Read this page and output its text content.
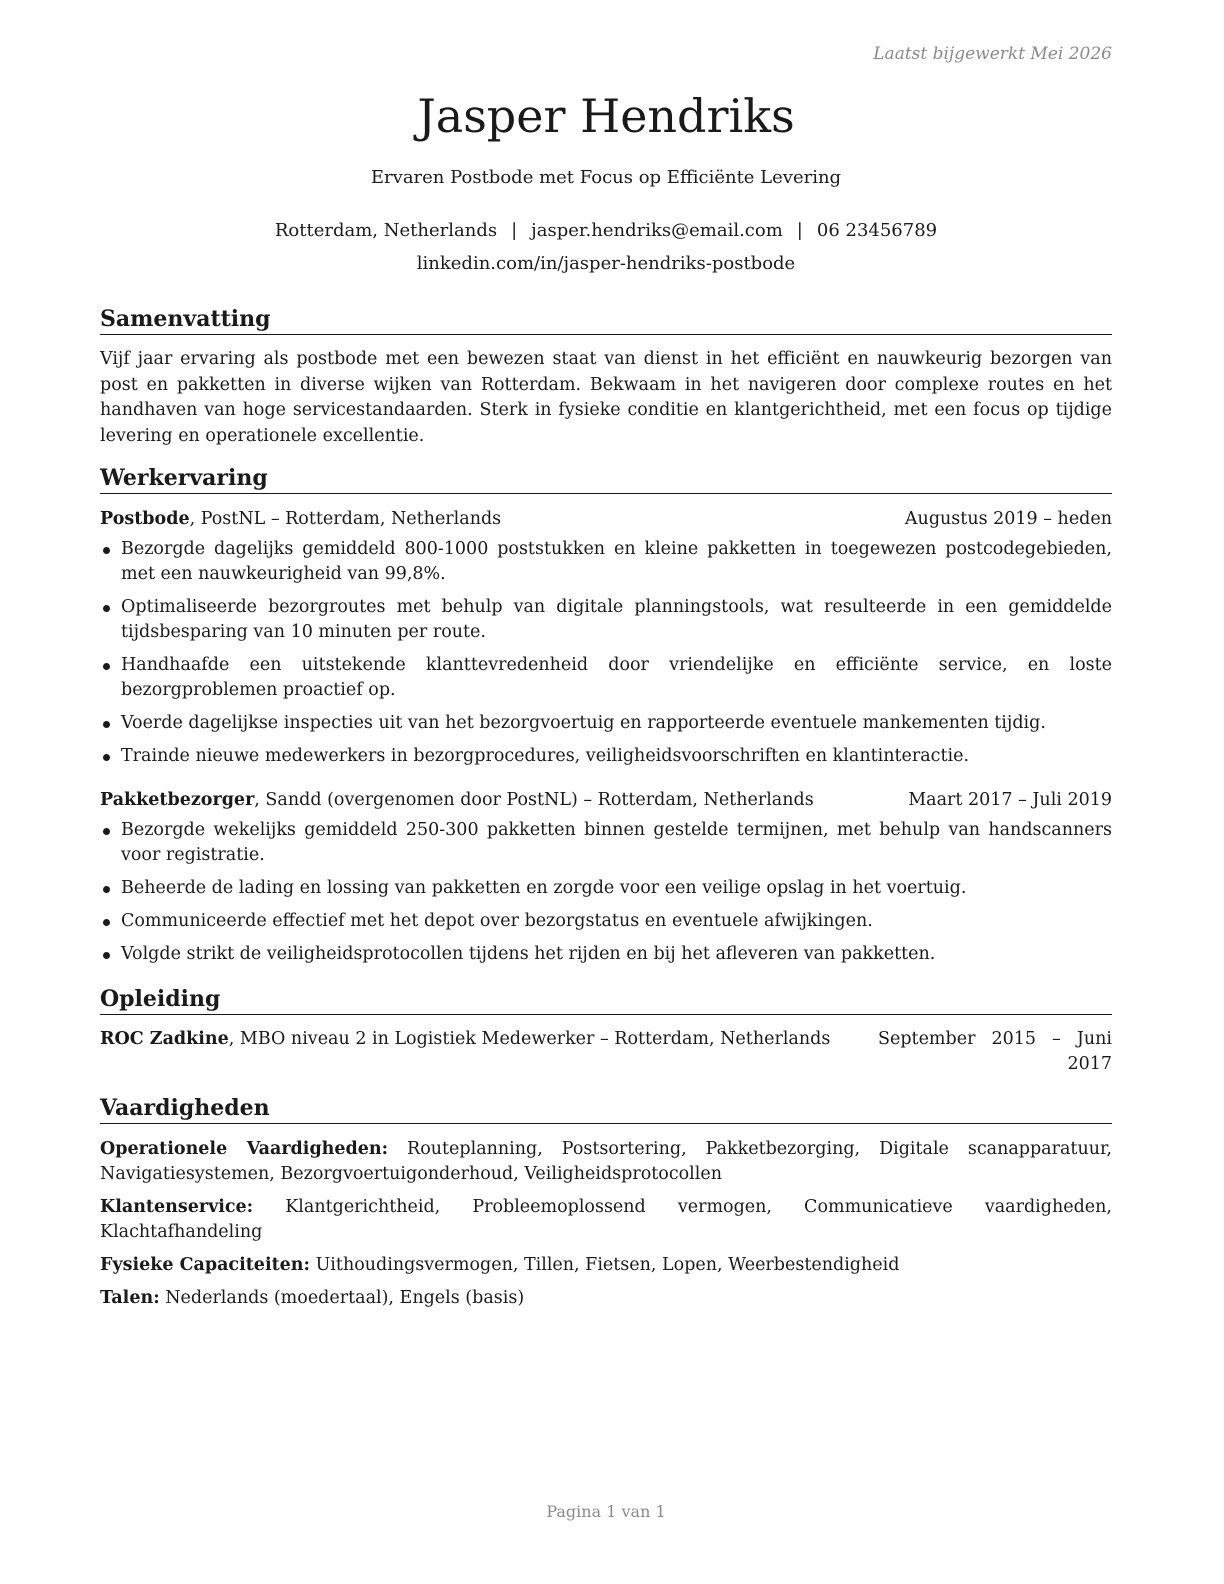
Laatst bijgewerkt Mei 2026
Jasper Hendriks
Ervaren Postbode met Focus op Efficiënte Levering
Rotterdam, Netherlands | jasper.hendriks@email.com | 06 23456789
linkedin.com/in/jasper-hendriks-postbode
Samenvatting
Vijf jaar ervaring als postbode met een bewezen staat van dienst in het efficiënt en nauwkeurig bezorgen van post en pakketten in diverse wijken van Rotterdam. Bekwaam in het navigeren door complexe routes en het handhaven van hoge servicestandaarden. Sterk in fysieke conditie en klantgerichtheid, met een focus op tijdige levering en operationele excellentie.
Werkervaring
Postbode, PostNL – Rotterdam, Netherlands	Augustus 2019 – heden
Bezorgde dagelijks gemiddeld 800-1000 poststukken en kleine pakketten in toegewezen postcodegebieden, met een nauwkeurigheid van 99,8%.
Optimaliseerde bezorgroutes met behulp van digitale planningstools, wat resulteerde in een gemiddelde tijdsbesparing van 10 minuten per route.
Handhaafde een uitstekende klanttevredenheid door vriendelijke en efficiënte service, en loste bezorgproblemen proactief op.
Voerde dagelijkse inspecties uit van het bezorgvoertuig en rapporteerde eventuele mankementen tijdig.
Trainde nieuwe medewerkers in bezorgprocedures, veiligheidsvoorschriften en klantinteractie.
Pakketbezorger, Sandd (overgenomen door PostNL) – Rotterdam, Netherlands	Maart 2017 – Juli 2019
Bezorgde wekelijks gemiddeld 250-300 pakketten binnen gestelde termijnen, met behulp van handscanners voor registratie.
Beheerde de lading en lossing van pakketten en zorgde voor een veilige opslag in het voertuig.
Communiceerde effectief met het depot over bezorgstatus en eventuele afwijkingen.
Volgde strikt de veiligheidsprotocollen tijdens het rijden en bij het afleveren van pakketten.
Opleiding
ROC Zadkine, MBO niveau 2 in Logistiek Medewerker – Rotterdam, Netherlands	September 2015 – Juni 2017
Vaardigheden
Operationele Vaardigheden: Routeplanning, Postsortering, Pakketbezorging, Digitale scanapparatuur, Navigatiesystemen, Bezorgvoertuigonderhoud, Veiligheidsprotocollen
Klantenservice: Klantgerichtheid, Probleemoplossend vermogen, Communicatieve vaardigheden, Klachtafhandeling
Fysieke Capaciteiten: Uithoudingsvermogen, Tillen, Fietsen, Lopen, Weerbestendigheid
Talen: Nederlands (moedertaal), Engels (basis)
Pagina 1 van 1
